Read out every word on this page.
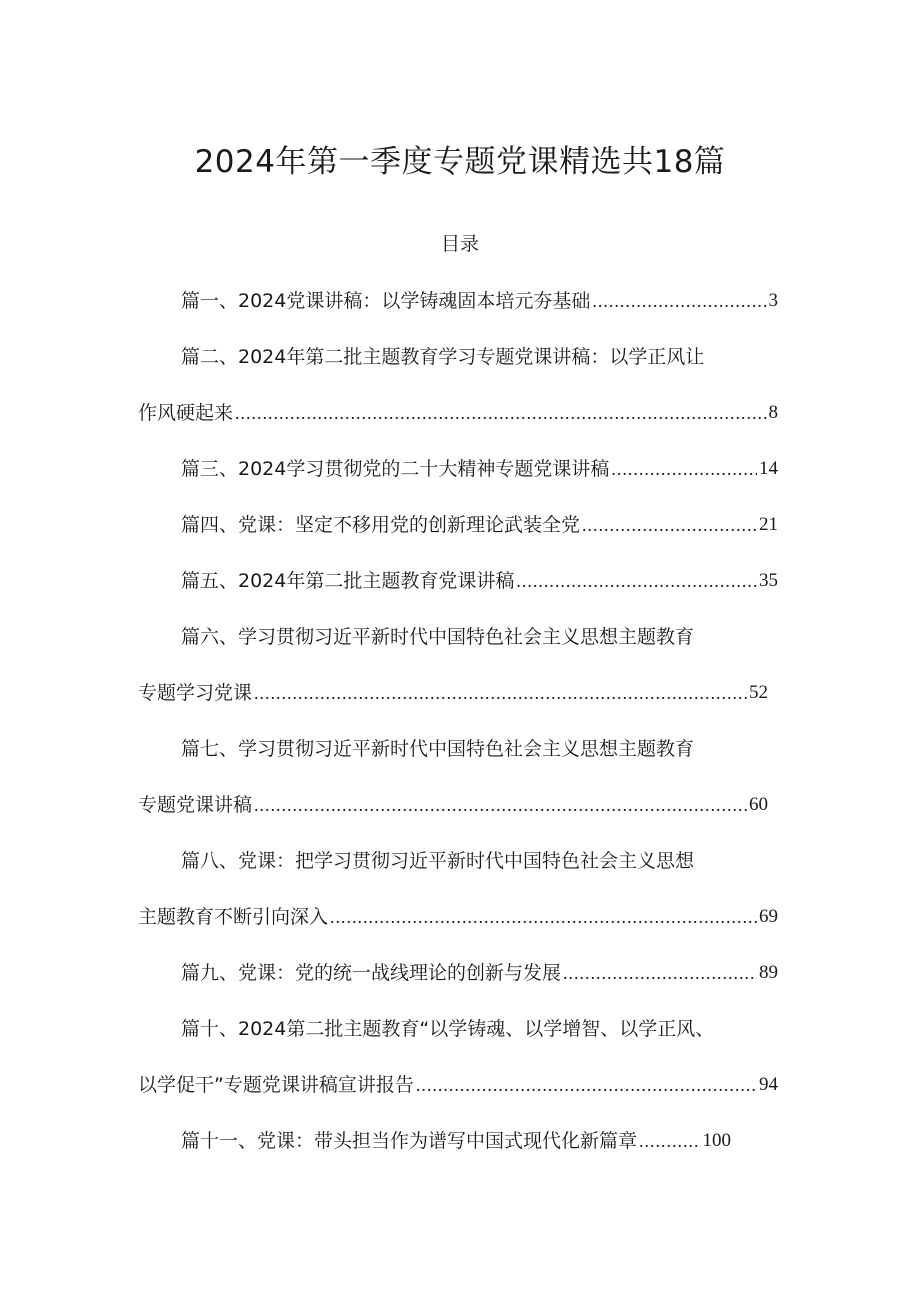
2024年第一季度专题党课精选共18篇
目录
篇一、2024党课讲稿：以学铸魂固本培元夯基础 .....	3
篇二、2024年第二批主题教育学习专题党课讲稿：以学正风让
作风硬起来 .....	8
篇三、2024学习贯彻党的二十大精神专题党课讲稿 .....	14
篇四、党课：坚定不移用党的创新理论武装全党 .....	21
篇五、2024年第二批主题教育党课讲稿 .....	35
篇六、学习贯彻习近平新时代中国特色社会主义思想主题教育
专题学习党课 .....	52
篇七、学习贯彻习近平新时代中国特色社会主义思想主题教育
专题党课讲稿 .....	60
篇八、党课：把学习贯彻习近平新时代中国特色社会主义思想
主题教育不断引向深入 .....	69
篇九、党课：党的统一战线理论的创新与发展 .....	89
篇十、2024第二批主题教育“以学铸魂、以学增智、以学正风、
以学促干”专题党课讲稿宣讲报告 .....	94
篇十一、党课：带头担当作为谱写中国式现代化新篇章 .....	100
